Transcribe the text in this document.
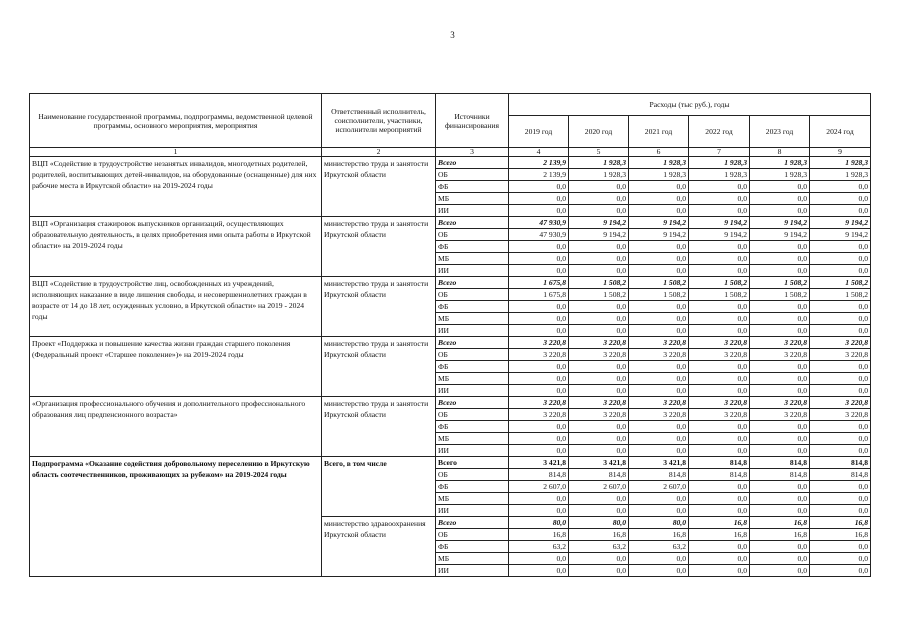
3
Наименование государственной программы, подпрограммы, ведомственной целевой программы, основного мероприятия, мероприятия	Ответственный исполнитель, соисполнители, участники, исполнители мероприятий	Источники финансирования	Расходы (тыс руб.), годы					
			2019 год	2020 год	2021 год	2022 год	2023 год	2024 год
1	2	3	4	5	6	7	8	9
ВЦП «Содействие в трудоустройстве незанятых инвалидов, многодетных родителей, родителей, воспитывающих детей-инвалидов, на оборудованные (оснащенные) для них рабочие места в Иркутской области» на 2019-2024 годы	министерство труда и занятости Иркутской области	Всего	2 139,9	1 928,3	1 928,3	1 928,3	1 928,3	1 928,3
		ОБ	2 139,9	1 928,3	1 928,3	1 928,3	1 928,3	1 928,3
		ФБ	0,0	0,0	0,0	0,0	0,0	0,0
		МБ	0,0	0,0	0,0	0,0	0,0	0,0
		ИИ	0,0	0,0	0,0	0,0	0,0	0,0
ВЦП «Организация стажировок выпускников организаций, осуществляющих образовательную деятельность, в целях приобретения ими опыта работы в Иркутской области» на 2019-2024 годы	министерство труда и занятости Иркутской области	Всего	47 930,9	9 194,2	9 194,2	9 194,2	9 194,2	9 194,2
		ОБ	47 930,9	9 194,2	9 194,2	9 194,2	9 194,2	9 194,2
		ФБ	0,0	0,0	0,0	0,0	0,0	0,0
		МБ	0,0	0,0	0,0	0,0	0,0	0,0
		ИИ	0,0	0,0	0,0	0,0	0,0	0,0
ВЦП «Содействие в трудоустройстве лиц, освобожденных из учреждений, исполняющих наказание в виде лишения свободы, и несовершеннолетних граждан в возрасте от 14 до 18 лет, осужденных условно, в Иркутской области» на 2019 - 2024 годы	министерство труда и занятости Иркутской области	Всего	1 675,8	1 508,2	1 508,2	1 508,2	1 508,2	1 508,2
		ОБ	1 675,8	1 508,2	1 508,2	1 508,2	1 508,2	1 508,2
		ФБ	0,0	0,0	0,0	0,0	0,0	0,0
		МБ	0,0	0,0	0,0	0,0	0,0	0,0
		ИИ	0,0	0,0	0,0	0,0	0,0	0,0
Проект «Поддержка и повышение качества жизни граждан старшего поколения (Федеральный проект «Старшее поколение»)» на 2019-2024 годы	министерство труда и занятости Иркутской области	Всего	3 220,8	3 220,8	3 220,8	3 220,8	3 220,8	3 220,8
		ОБ	3 220,8	3 220,8	3 220,8	3 220,8	3 220,8	3 220,8
		ФБ	0,0	0,0	0,0	0,0	0,0	0,0
		МБ	0,0	0,0	0,0	0,0	0,0	0,0
		ИИ	0,0	0,0	0,0	0,0	0,0	0,0
«Организация профессионального обучения и дополнительного профессионального образования лиц предпенсионного возраста»	министерство труда и занятости Иркутской области	Всего	3 220,8	3 220,8	3 220,8	3 220,8	3 220,8	3 220,8
		ОБ	3 220,8	3 220,8	3 220,8	3 220,8	3 220,8	3 220,8
		ФБ	0,0	0,0	0,0	0,0	0,0	0,0
		МБ	0,0	0,0	0,0	0,0	0,0	0,0
		ИИ	0,0	0,0	0,0	0,0	0,0	0,0
Подпрограмма «Оказание содействия добровольному переселению в Иркутскую область соотечественников, проживающих за рубежом» на 2019-2024 годы	Всего, в том числе	Всего	3 421,8	3 421,8	3 421,8	814,8	814,8	814,8
		ОБ	814,8	814,8	814,8	814,8	814,8	814,8
		ФБ	2 607,0	2 607,0	2 607,0	0,0	0,0	0,0
		МБ	0,0	0,0	0,0	0,0	0,0	0,0
		ИИ	0,0	0,0	0,0	0,0	0,0	0,0
	министерство здравоохранения Иркутской области	Всего	80,0	80,0	80,0	16,8	16,8	16,8
		ОБ	16,8	16,8	16,8	16,8	16,8	16,8
		ФБ	63,2	63,2	63,2	0,0	0,0	0,0
		МБ	0,0	0,0	0,0	0,0	0,0	0,0
		ИИ	0,0	0,0	0,0	0,0	0,0	0,0
